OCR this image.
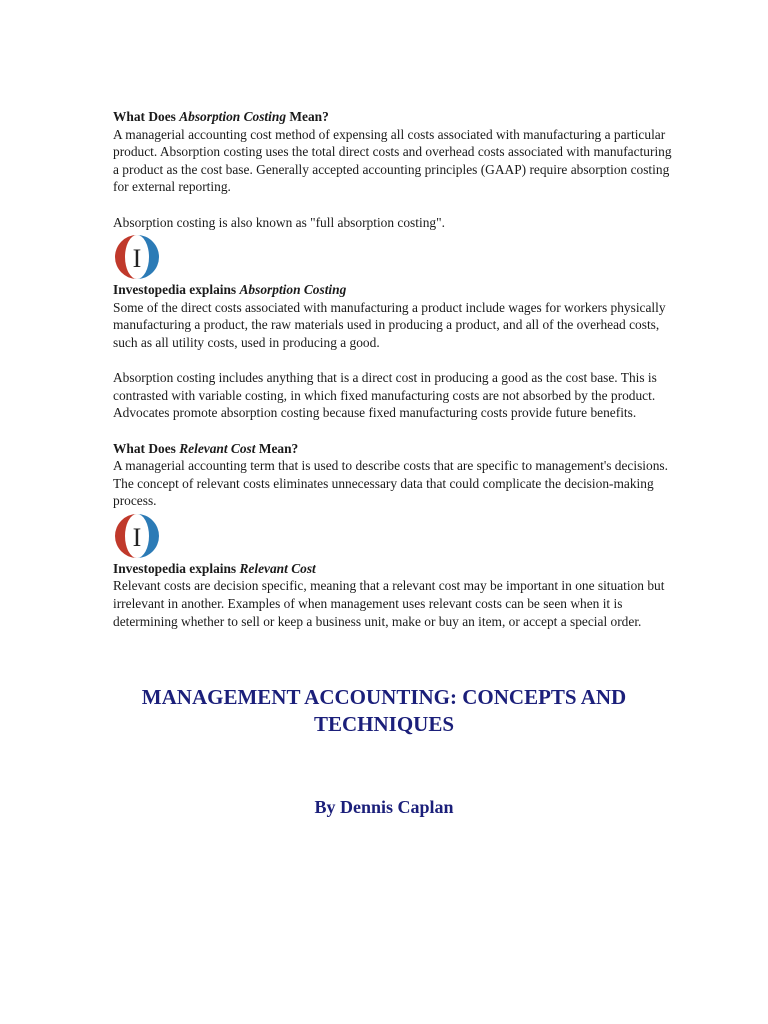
What Does Absorption Costing Mean?

A managerial accounting cost method of expensing all costs associated with manufacturing a particular product. Absorption costing uses the total direct costs and overhead costs associated with manufacturing a product as the cost base. Generally accepted accounting principles (GAAP) require absorption costing for external reporting.

Absorption costing is also known as "full absorption costing".

I

Investopedia explains Absorption Costing

Some of the direct costs associated with manufacturing a product include wages for workers physically manufacturing a product, the raw materials used in producing a product, and all of the overhead costs, such as all utility costs, used in producing a good.

Absorption costing includes anything that is a direct cost in producing a good as the cost base. This is contrasted with variable costing, in which fixed manufacturing costs are not absorbed by the product. Advocates promote absorption costing because fixed manufacturing costs provide future benefits.

What Does Relevant Cost Mean?

A managerial accounting term that is used to describe costs that are specific to management's decisions. The concept of relevant costs eliminates unnecessary data that could complicate the decision-making process.

I

Investopedia explains Relevant Cost

Relevant costs are decision specific, meaning that a relevant cost may be important in one situation but irrelevant in another. Examples of when management uses relevant costs can be seen when it is determining whether to sell or keep a business unit, make or buy an item, or accept a special order.

MANAGEMENT ACCOUNTING: CONCEPTS AND
TECHNIQUES
By Dennis Caplan
